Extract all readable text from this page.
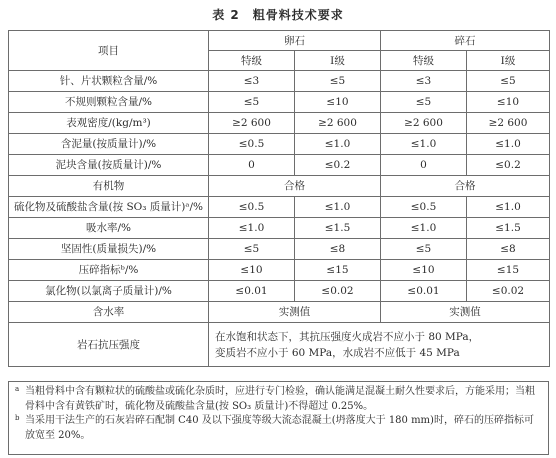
表 2　粗骨料技术要求
项目	卵石		碎石	
	特级	Ⅰ级	特级	Ⅰ级
针、片状颗粒含量/%	≤3	≤5	≤3	≤5
不规则颗粒含量/%	≤5	≤10	≤5	≤10
表观密度/(kg/m³)	≥2 600	≥2 600	≥2 600	≥2 600
含泥量(按质量计)/%	≤0.5	≤1.0	≤1.0	≤1.0
泥块含量(按质量计)/%	0	≤0.2	0	≤0.2
有机物	合格		合格	
硫化物及硫酸盐含量(按 SO₃ 质量计)ᵃ/%	≤0.5	≤1.0	≤0.5	≤1.0
吸水率/%	≤1.0	≤1.5	≤1.0	≤1.5
坚固性(质量损失)/%	≤5	≤8	≤5	≤8
压碎指标ᵇ/%	≤10	≤15	≤10	≤15
氯化物(以氯离子质量计)/%	≤0.01	≤0.02	≤0.01	≤0.02
含水率	实测值		实测值	
岩石抗压强度	在水饱和状态下，其抗压强度火成岩不应小于 80 MPa，
变质岩不应小于 60 MPa，水成岩不应低于 45 MPa			
a 当粗骨料中含有颗粒状的硫酸盐或硫化杂质时，应进行专门检验，确认能满足混凝土耐久性要求后，方能采用；当粗骨料中含有黄铁矿时，硫化物及硫酸盐含量(按 SO₃ 质量计)不得超过 0.25%。
b 当采用干法生产的石灰岩碎石配制 C40 及以下强度等级大流态混凝土(坍落度大于 180 mm)时，碎石的压碎指标可放宽至 20%。
